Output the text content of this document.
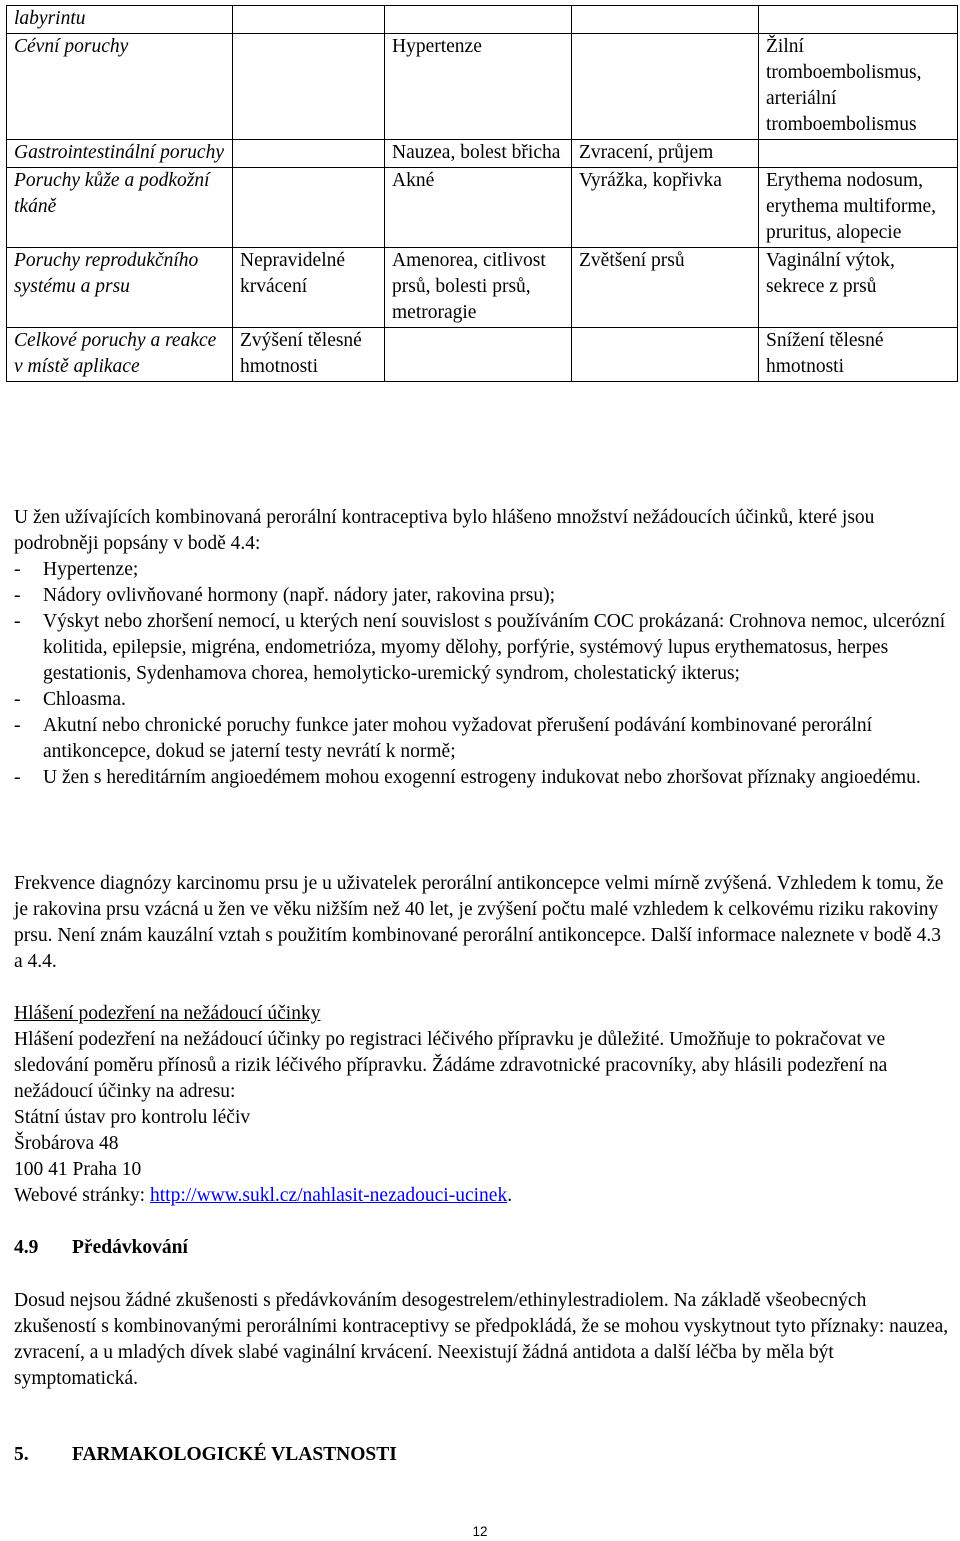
labyrintu				
Cévní poruchy		Hypertenze		Žilní tromboembolismus, arteriální tromboembolismus
Gastrointestinální poruchy		Nauzea, bolest břicha	Zvracení, průjem	
Poruchy kůže a podkožní tkáně		Akné	Vyrážka, kopřivka	Erythema nodosum, erythema multiforme, pruritus, alopecie
Poruchy reprodukčního systému a prsu	Nepravidelné krvácení	Amenorea, citlivost prsů, bolesti prsů, metroragie	Zvětšení prsů	Vaginální výtok, sekrece z prsů
Celkové poruchy a reakce v místě aplikace	Zvýšení tělesné hmotnosti			Snížení tělesné hmotnosti

U žen užívajících kombinovaná perorální kontraceptiva bylo hlášeno množství nežádoucích účinků, které jsou podrobněji popsány v bodě 4.4:

-	Hypertenze;
-	Nádory ovlivňované hormony (např. nádory jater, rakovina prsu);
-	Výskyt nebo zhoršení nemocí, u kterých není souvislost s používáním COC prokázaná: Crohnova nemoc, ulcerózní kolitida, epilepsie, migréna, endometrióza, myomy dělohy, porfýrie, systémový lupus erythematosus, herpes gestationis, Sydenhamova chorea, hemolyticko-uremický syndrom, cholestatický ikterus;
-	Chloasma.
-	Akutní nebo chronické poruchy funkce jater mohou vyžadovat přerušení podávání kombinované perorální antikoncepce, dokud se jaterní testy nevrátí k normě;
-	U žen s hereditárním angioedémem mohou exogenní estrogeny indukovat nebo zhoršovat příznaky angioedému.

Frekvence diagnózy karcinomu prsu je u uživatelek perorální antikoncepce velmi mírně zvýšená. Vzhledem k tomu, že je rakovina prsu vzácná u žen ve věku nižším než 40 let, je zvýšení počtu malé vzhledem k celkovému riziku rakoviny prsu. Není znám kauzální vztah s použitím kombinované perorální antikoncepce. Další informace naleznete v bodě 4.3 a 4.4.

Hlášení podezření na nežádoucí účinky

Hlášení podezření na nežádoucí účinky po registraci léčivého přípravku je důležité. Umožňuje to pokračovat ve sledování poměru přínosů a rizik léčivého přípravku. Žádáme zdravotnické pracovníky, aby hlásili podezření na nežádoucí účinky na adresu:

Státní ústav pro kontrolu léčiv

Šrobárova 48

100 41 Praha 10

Webové stránky: http://www.sukl.cz/nahlasit-nezadouci-ucinek.

4.9 Předávkování

Dosud nejsou žádné zkušenosti s předávkováním desogestrelem/ethinylestradiolem. Na základě všeobecných zkušeností s kombinovanými perorálními kontraceptivy se předpokládá, že se mohou vyskytnout tyto příznaky: nauzea, zvracení, a u mladých dívek slabé vaginální krvácení. Neexistují žádná antidota a další léčba by měla být symptomatická.

5. FARMAKOLOGICKÉ VLASTNOSTI
12
